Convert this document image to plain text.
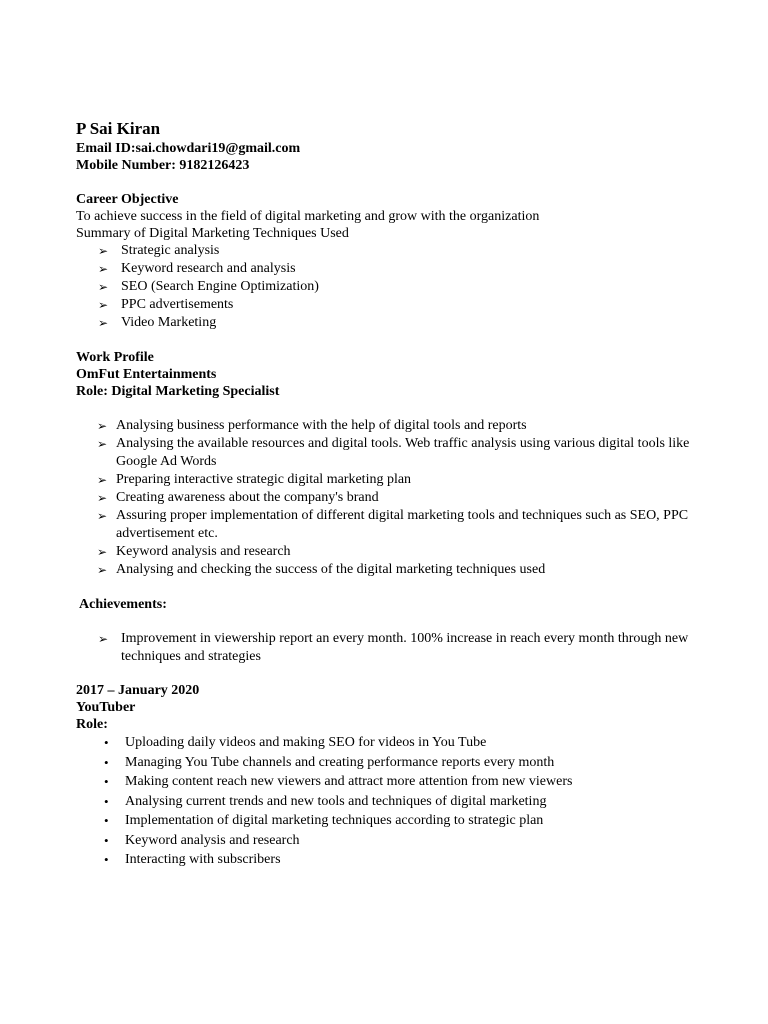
P Sai Kiran
Email ID:sai.chowdari19@gmail.com
Mobile Number: 9182126423
Career Objective
To achieve success in the field of digital marketing and grow with the organization
Summary of Digital Marketing Techniques Used
➢ Strategic analysis
➢ Keyword research and analysis
➢ SEO (Search Engine Optimization)
➢ PPC advertisements
➢ Video Marketing
Work Profile
OmFut Entertainments
Role: Digital Marketing Specialist
➢ Analysing business performance with the help of digital tools and reports
➢ Analysing the available resources and digital tools. Web traffic analysis using various digital tools like Google Ad Words
➢ Preparing interactive strategic digital marketing plan
➢ Creating awareness about the company's brand
➢ Assuring proper implementation of different digital marketing tools and techniques such as SEO, PPC advertisement etc.
➢ Keyword analysis and research
➢ Analysing and checking the success of the digital marketing techniques used
Achievements:
➢ Improvement in viewership report an every month. 100% increase in reach every month through new techniques and strategies
2017 – January 2020
YouTuber
Role:
• Uploading daily videos and making SEO for videos in You Tube
• Managing You Tube channels and creating performance reports every month
• Making content reach new viewers and attract more attention from new viewers
• Analysing current trends and new tools and techniques of digital marketing
• Implementation of digital marketing techniques according to strategic plan
• Keyword analysis and research
• Interacting with subscribers
